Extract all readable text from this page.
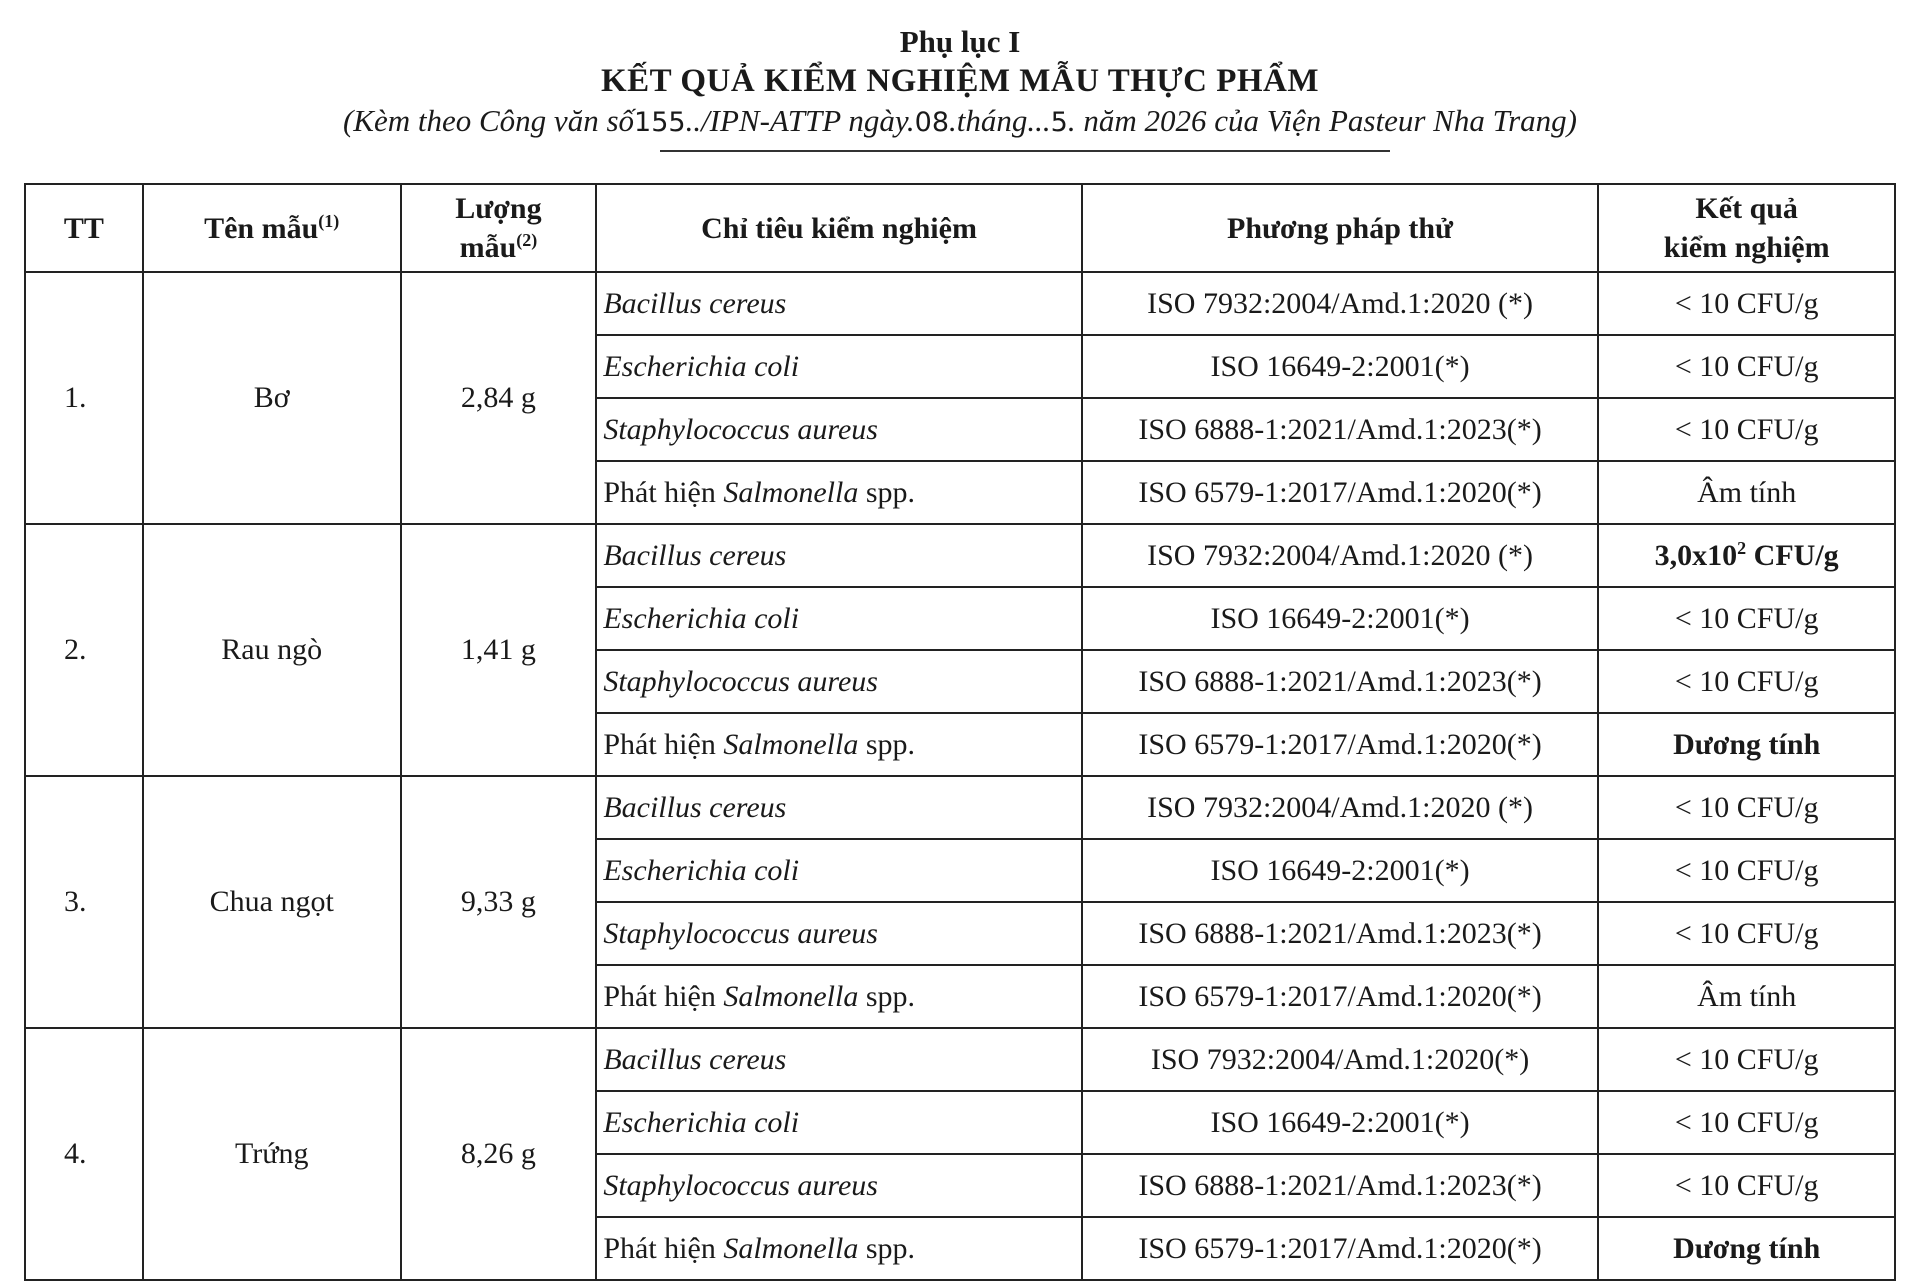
Phụ lục I
KẾT QUẢ KIỂM NGHIỆM MẪU THỰC PHẨM
(Kèm theo Công văn số155../IPN-ATTP ngày.08.tháng...5. năm 2026 của Viện Pasteur Nha Trang)
TT	Tên mẫu$^{(1)}$	Lượng
mẫu$^{(2)}$	Chỉ tiêu kiểm nghiệm	Phương pháp thử	Kết quả
kiểm nghiệm
1.	Bơ	2,84 g	Bacillus cereus	ISO 7932:2004/Amd.1:2020 (*)	< 10 CFU/g
			Escherichia coli	ISO 16649-2:2001(*)	< 10 CFU/g
			Staphylococcus aureus	ISO 6888-1:2021/Amd.1:2023(*)	< 10 CFU/g
			Phát hiện Salmonella spp.	ISO 6579-1:2017/Amd.1:2020(*)	Âm tính
2.	Rau ngò	1,41 g	Bacillus cereus	ISO 7932:2004/Amd.1:2020 (*)	$3,0x10^2$ CFU/g
			Escherichia coli	ISO 16649-2:2001(*)	< 10 CFU/g
			Staphylococcus aureus	ISO 6888-1:2021/Amd.1:2023(*)	< 10 CFU/g
			Phát hiện Salmonella spp.	ISO 6579-1:2017/Amd.1:2020(*)	Dương tính
3.	Chua ngọt	9,33 g	Bacillus cereus	ISO 7932:2004/Amd.1:2020 (*)	< 10 CFU/g
			Escherichia coli	ISO 16649-2:2001(*)	< 10 CFU/g
			Staphylococcus aureus	ISO 6888-1:2021/Amd.1:2023(*)	< 10 CFU/g
			Phát hiện Salmonella spp.	ISO 6579-1:2017/Amd.1:2020(*)	Âm tính
4.	Trứng	8,26 g	Bacillus cereus	ISO 7932:2004/Amd.1:2020(*)	< 10 CFU/g
			Escherichia coli	ISO 16649-2:2001(*)	< 10 CFU/g
			Staphylococcus aureus	ISO 6888-1:2021/Amd.1:2023(*)	< 10 CFU/g
			Phát hiện Salmonella spp.	ISO 6579-1:2017/Amd.1:2020(*)	Dương tính
